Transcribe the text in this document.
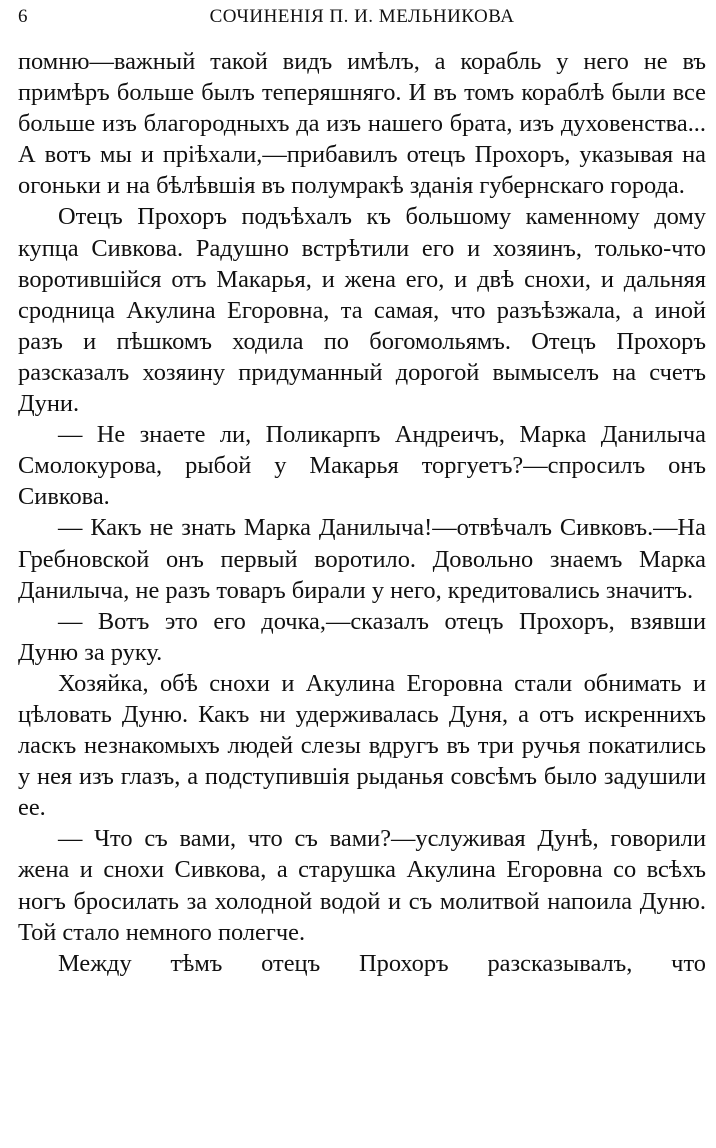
6	СОЧИНЕНІЯ П. И. МЕЛЬНИКОВА

помню—важный такой видъ имѣлъ, а корабль у него не въ примѣръ больше былъ теперяшняго. И въ томъ кораблѣ были все больше изъ благородныхъ да изъ нашего брата, изъ духовенства... А вотъ мы и пріѣхали,—прибавилъ отецъ Прохоръ, указывая на огоньки и на бѣлѣвшія въ полумракѣ зданія губернскаго города.

Отецъ Прохоръ подъѣхалъ къ большому каменному дому купца Сивкова. Радушно встрѣтили его и хозяинъ, только-что воротившійся отъ Макарья, и жена его, и двѣ снохи, и дальняя сродница Акулина Егоровна, та самая, что разъѣзжала, а иной разъ и пѣшкомъ ходила по богомольямъ. Отецъ Прохоръ разсказалъ хозяину придуманный дорогой вымыселъ на счетъ Дуни.

— Не знаете ли, Поликарпъ Андреичъ, Марка Данилыча Смолокурова, рыбой у Макарья торгуетъ?—спросилъ онъ Сивкова.

— Какъ не знать Марка Данилыча!—отвѣчалъ Сивковъ.—На Гребновской онъ первый воротило. Довольно знаемъ Марка Данилыча, не разъ товаръ бирали у него, кредитовались значитъ.

— Вотъ это его дочка,—сказалъ отецъ Прохоръ, взявши Дуню за руку.

Хозяйка, обѣ снохи и Акулина Егоровна стали обнимать и цѣловать Дуню. Какъ ни удерживалась Дуня, а отъ искреннихъ ласкъ незнакомыхъ людей слезы вдругъ въ три ручья покатились у нея изъ глазъ, а подступившія рыданья совсѣмъ было задушили ее.

— Что съ вами, что съ вами?—услуживая Дунѣ, говорили жена и снохи Сивкова, а старушка Акулина Егоровна со всѣхъ ногъ бросилать за холодной водой и съ молитвой напоила Дуню. Той стало немного полегче.

Между тѣмъ отецъ Прохоръ разсказывалъ, что
